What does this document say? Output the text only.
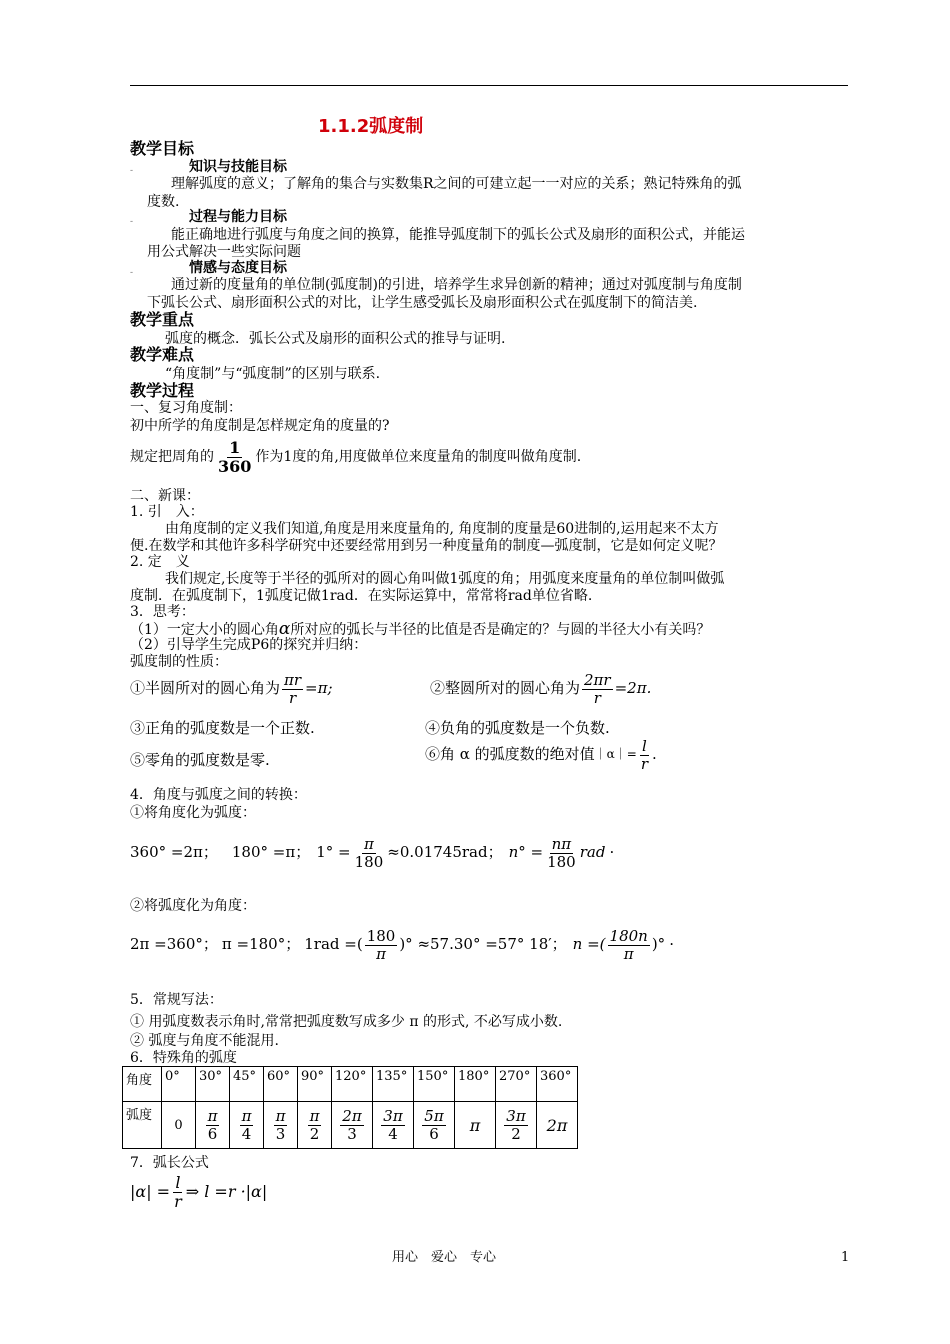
1.1.2弧度制
教学目标
-	知识与技能目标
理解弧度的意义；了解角的集合与实数集R之间的可建立起一一对应的关系；熟记特殊角的弧
度数.
-	过程与能力目标
能正确地进行弧度与角度之间的换算，能推导弧度制下的弧长公式及扇形的面积公式，并能运
用公式解决一些实际问题
-	情感与态度目标
通过新的度量角的单位制(弧度制)的引进，培养学生求异创新的精神；通过对弧度制与角度制
下弧长公式、扇形面积公式的对比，让学生感受弧长及扇形面积公式在弧度制下的简洁美.
教学重点
弧度的概念．弧长公式及扇形的面积公式的推导与证明.
教学难点
“角度制”与“弧度制”的区别与联系.
教学过程
一、复习角度制：
初中所学的角度制是怎样规定角的度量的?
规定把周角的 $\frac{1}{360}$ 作为1度的角,用度做单位来度量角的制度叫做角度制.
二、新课：
1. 引　入：
由角度制的定义我们知道,角度是用来度量角的, 角度制的度量是60进制的,运用起来不太方
便.在数学和其他许多科学研究中还要经常用到另一种度量角的制度—弧度制，它是如何定义呢？
2. 定　义
我们规定,长度等于半径的弧所对的圆心角叫做1弧度的角；用弧度来度量角的单位制叫做弧
度制．在弧度制下，1弧度记做1rad．在实际运算中，常常将rad单位省略.
3．思考：
（1）一定大小的圆心角α所对应的弧长与半径的比值是否是确定的？与圆的半径大小有关吗？
（2）引导学生完成P6的探究并归纳：
弧度制的性质：
①半圆所对的圆心角为 $\frac{\pi r}{r} =\pi$;	②整圆所对的圆心角为 $\frac{2\pi r}{r} =2\pi$.
③正角的弧度数是一个正数.	④负角的弧度数是一个负数.
⑤零角的弧度数是零.	⑥角 α 的弧度数的绝对值 ｜α｜= $\frac{l}{r}$ .
4．角度与弧度之间的转换：
①将角度化为弧度：
360° =2π ； 180° =π ； $1^\circ = \frac{\pi}{180} \approx 0.01745rad$ ； $n^\circ = \frac{n\pi}{180}$ rad ·
②将弧度化为角度：
2π =360° ； π =180° ； 1rad =( $\frac{180}{\pi}$ )° ≈57.30° =57° 18′ ； n =( $\frac{180n}{\pi}$ )° ·
5．常规写法：
① 用弧度数表示角时,常常把弧度数写成多少 π 的形式, 不必写成小数.
② 弧度与角度不能混用.
6．特殊角的弧度
角度	0°	30°	45°	60°	90°	120°	135°	150°	180°	270°	360°
弧度	0	$\frac{\pi}{6}$	$\frac{\pi}{4}$	$\frac{\pi}{3}$	$\frac{\pi}{2}$	$\frac{2\pi}{3}$	$\frac{3\pi}{4}$	$\frac{5\pi}{6}$	π	$\frac{3\pi}{2}$	2π
7．弧长公式
$|\alpha| = \frac{l}{r}$ ⇒ l =r ·|α|
用心　爱心　专心	1
